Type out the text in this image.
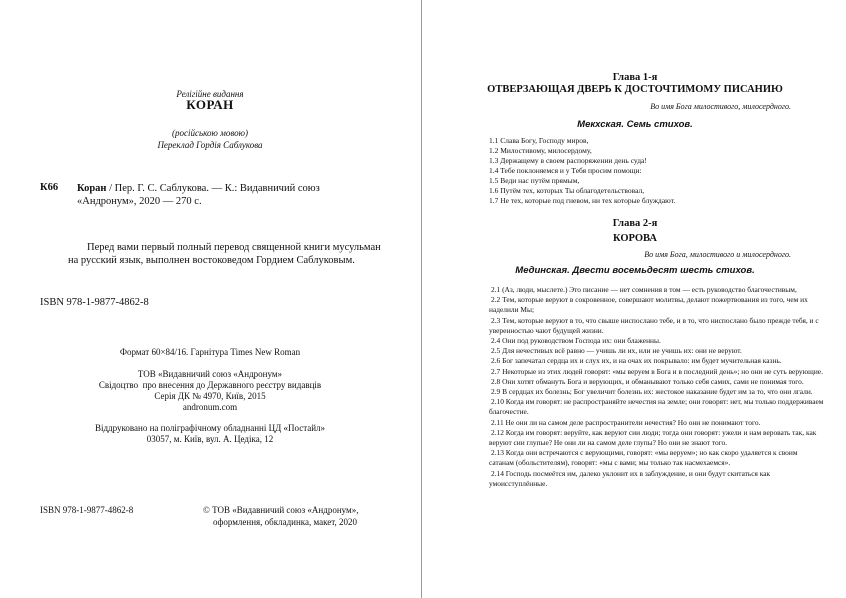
Релігійне видання
КОРАН
(російською мовою)
Переклад Гордія Саблукова
К66 Коран / Пер. Г. С. Саблукова. — К.: Видавничий союз
«Андронум», 2020 — 270 с.
Перед вами первый полный перевод священной книги мусульман
на русский язык, выполнен востоковедом Гордием Саблуковым.
ISBN 978-1-9877-4862-8
Формат 60×84/16. Гарнітура Times New Roman
ТОВ «Видавничий союз «Андронум»
Свідоцтво  про внесення до Державного реєстру видавців
Серія ДК № 4970, Київ, 2015
andronum.com
Віддруковано на поліграфічному обладнанні ЦД «Постайл»
03057, м. Київ, вул. А. Цедіка, 12
ISBN 978-1-9877-4862-8	© ТОВ «Видавничий союз «Андронум»,
оформлення, обкладинка, макет, 2020
Глава 1-я
ОТВЕРЗАЮЩАЯ ДВЕРЬ К ДОСТОЧТИМОМУ ПИСАНИЮ
Во имя Бога милостивого, милосердного.
Мекхская. Семь стихов.
1.1 Слава Богу, Господу миров,
1.2 Милостивому, милосердому,
1.3 Держащему в своем распоряжении день суда!
1.4 Тебе поклоняемся и у Тебя просим помощи:
1.5 Веди нас путём прямым,
1.6 Путём тех, которых Ты облагодетельствовал,
1.7 Не тех, которые под гневом, ни тех которые блуждают.
Глава 2-я
КОРОВА
Во имя Бога, милостивого и милосердного.
Мединская. Двести восемьдесят шесть стихов.

2.1 (Аз, люди, мыслете.) Это писание — нет сомнения в том — есть руководство благочестивым,

2.2 Тем, которые веруют в сокровенное, совершают молитвы, делают пожертвования из того, чем их наделили Мы;

2.3 Тем, которые веруют в то, что свыше ниспослано тебе, и в то, что ниспослано было прежде тебя, и с уверенностью чают будущей жизни.

2.4 Они под руководством Господа их: они блаженны.

2.5 Для нечестивых всё равно — учишь ли их, или не учишь их: они не веруют.

2.6 Бог запечатал сердца их и слух их, и на очах их покрывало: им будет мучительная казнь.

2.7 Некоторые из этих людей говорят: «мы веруем в Бога и в последний день»; но они не суть верующие.

2.8 Они хотят обмануть Бога и верующих, и обманывают только себя самих, сами не понимая того.

2.9 В сердцах их болезнь; Бог увеличит болезнь их: жестокое наказание будет им за то, что они лгали.

2.10 Когда им говорят: не распространяйте нечестия на земле; они говорят: нет, мы только поддерживаем благочестие.

2.11 Не они ли на самом деле распространители нечестия? Но они не понимают того.

2.12 Когда им говорят: веруйте, как веруют сии люди; тогда они говорят: ужели и нам веровать так, как веруют сии глупые? Не они ли на самом деле глупы? Но они не знают того.

2.13 Когда они встречаются с верующими, говорят: «мы веруем»; но как скоро удаляется к своим сатанам (обольстителям), говорят: «мы с вами; мы только так насмехаемся».

2.14 Господь посмеётся им, далеко уклонит их в заблуждение, и они будут скитаться как умоисступлённые.
